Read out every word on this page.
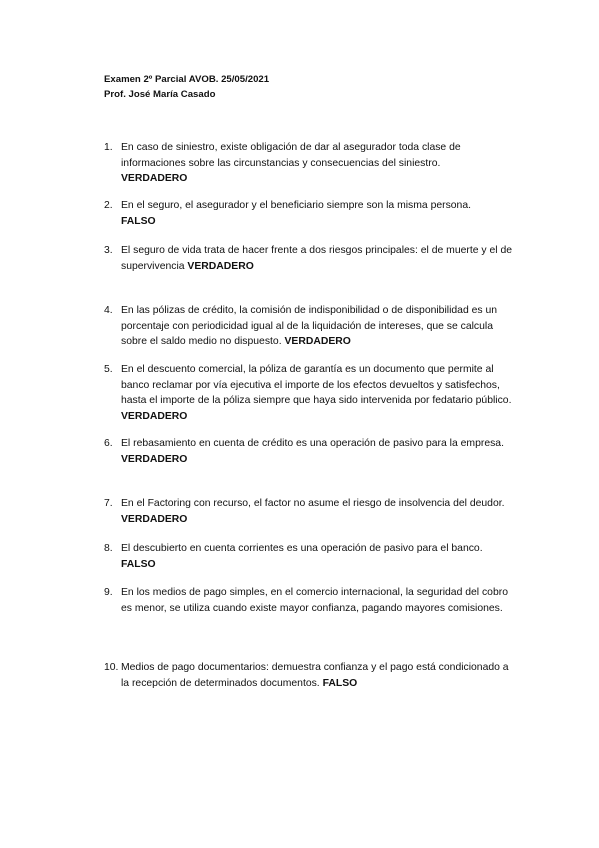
Examen 2º Parcial AVOB. 25/05/2021
Prof. José María Casado
1. En caso de siniestro, existe obligación de dar al asegurador toda clase de informaciones sobre las circunstancias y consecuencias del siniestro.
VERDADERO
2. En el seguro, el asegurador y el beneficiario siempre son la misma persona.
FALSO
3. El seguro de vida trata de hacer frente a dos riesgos principales: el de muerte y el de supervivencia VERDADERO
4. En las pólizas de crédito, la comisión de indisponibilidad o de disponibilidad es un porcentaje con periodicidad igual al de la liquidación de intereses, que se calcula sobre el saldo medio no dispuesto. VERDADERO
5. En el descuento comercial, la póliza de garantía es un documento que permite al banco reclamar por vía ejecutiva el importe de los efectos devueltos y satisfechos, hasta el importe de la póliza siempre que haya sido intervenida por fedatario público. VERDADERO
6. El rebasamiento en cuenta de crédito es una operación de pasivo para la empresa. VERDADERO
7. En el Factoring con recurso, el factor no asume el riesgo de insolvencia del deudor. VERDADERO
8. El descubierto en cuenta corrientes es una operación de pasivo para el banco.
FALSO
9. En los medios de pago simples, en el comercio internacional, la seguridad del cobro es menor, se utiliza cuando existe mayor confianza, pagando mayores comisiones.
10. Medios de pago documentarios: demuestra confianza y el pago está condicionado a la recepción de determinados documentos. FALSO
